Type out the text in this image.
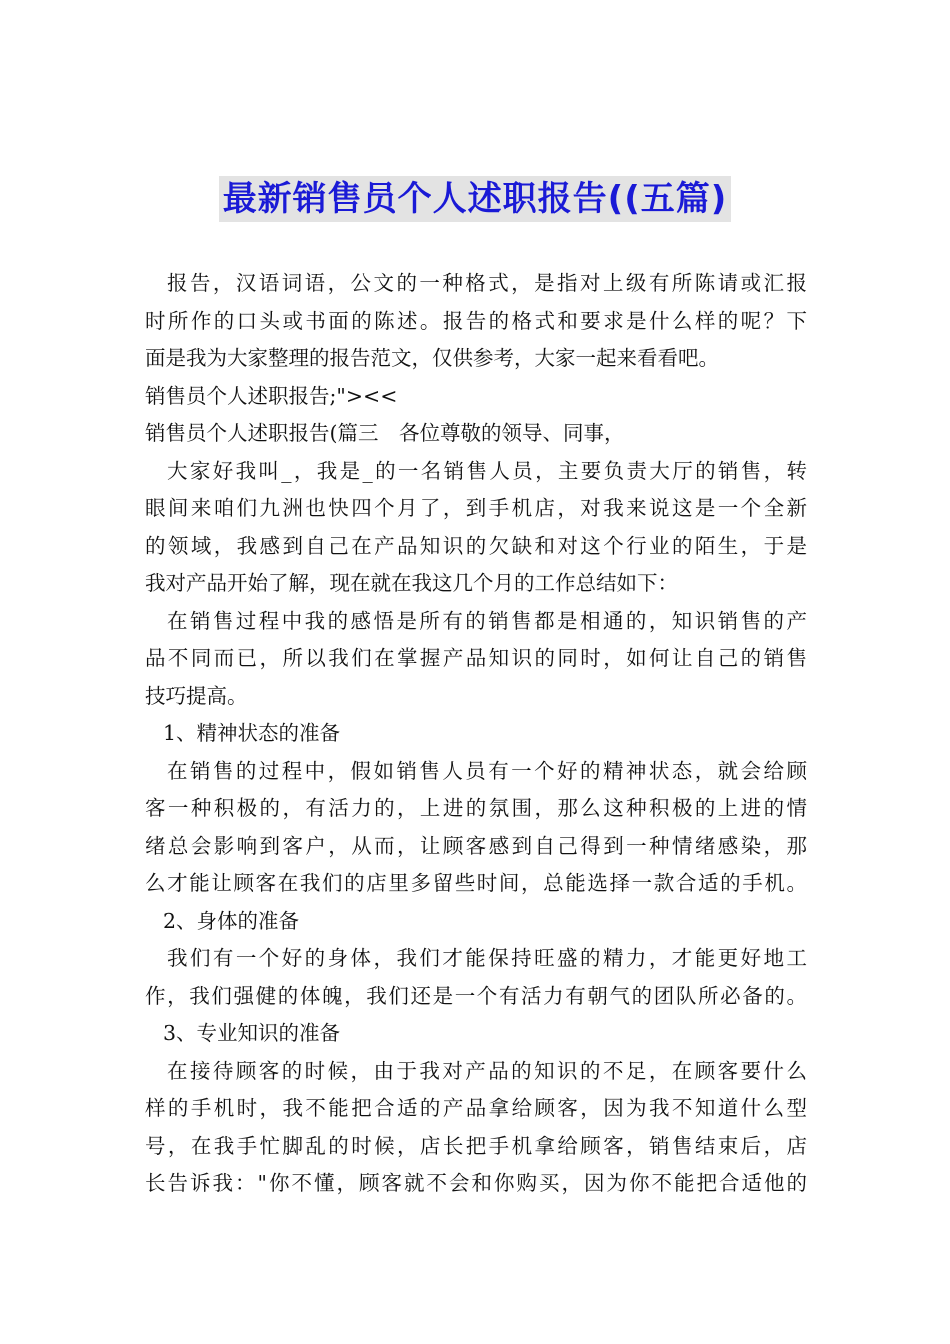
最新销售员个人述职报告((五篇)
报告，汉语词语，公文的一种格式，是指对上级有所陈请或汇报
时所作的口头或书面的陈述。报告的格式和要求是什么样的呢？下
面是我为大家整理的报告范文，仅供参考，大家一起来看看吧。
销售员个人述职报告;"><<
销售员个人述职报告(篇三　各位尊敬的领导、同事，
大家好我叫_，我是_的一名销售人员，主要负责大厅的销售，转
眼间来咱们九洲也快四个月了，到手机店，对我来说这是一个全新
的领域，我感到自己在产品知识的欠缺和对这个行业的陌生，于是
我对产品开始了解，现在就在我这几个月的工作总结如下：
在销售过程中我的感悟是所有的销售都是相通的，知识销售的产
品不同而已，所以我们在掌握产品知识的同时，如何让自己的销售
技巧提高。
1、精神状态的准备
在销售的过程中，假如销售人员有一个好的精神状态，就会给顾
客一种积极的，有活力的，上进的氛围，那么这种积极的上进的情
绪总会影响到客户，从而，让顾客感到自己得到一种情绪感染，那
么才能让顾客在我们的店里多留些时间，总能选择一款合适的手机。
2、身体的准备
我们有一个好的身体，我们才能保持旺盛的精力，才能更好地工
作，我们强健的体魄，我们还是一个有活力有朝气的团队所必备的。
3、专业知识的准备
在接待顾客的时候，由于我对产品的知识的不足，在顾客要什么
样的手机时，我不能把合适的产品拿给顾客，因为我不知道什么型
号，在我手忙脚乱的时候，店长把手机拿给顾客，销售结束后，店
长告诉我："你不懂，顾客就不会和你购买，因为你不能把合适他的
